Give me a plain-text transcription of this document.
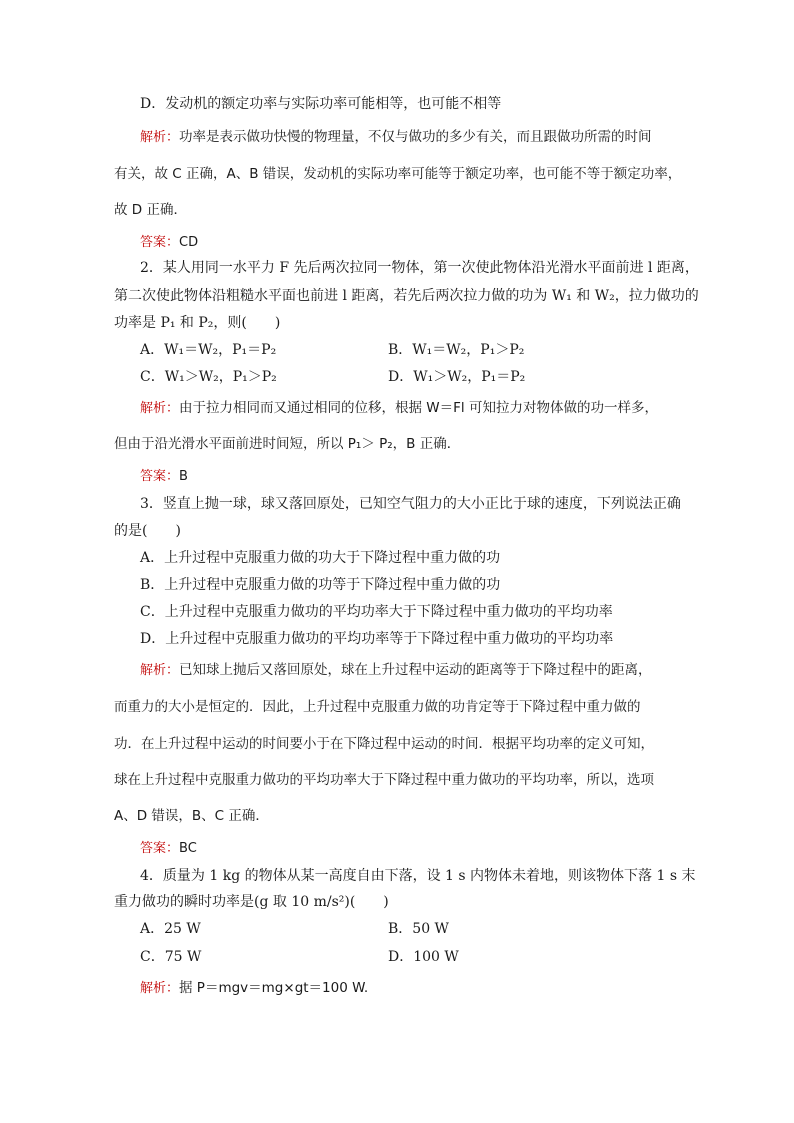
D．发动机的额定功率与实际功率可能相等，也可能不相等
解析：功率是表示做功快慢的物理量，不仅与做功的多少有关，而且跟做功所需的时间
有关，故 C 正确，A、B 错误，发动机的实际功率可能等于额定功率，也可能不等于额定功率，
故 D 正确．
答案：CD
2．某人用同一水平力 F 先后两次拉同一物体，第一次使此物体沿光滑水平面前进 l 距离，
第二次使此物体沿粗糙水平面也前进 l 距离，若先后两次拉力做的功为 W₁ 和 W₂，拉力做功的
功率是 P₁ 和 P₂，则(　　)
A．W₁＝W₂，P₁＝P₂	B．W₁＝W₂，P₁＞P₂
C．W₁＞W₂，P₁＞P₂	D．W₁＞W₂，P₁＝P₂
解析：由于拉力相同而又通过相同的位移，根据 W＝Fl 可知拉力对物体做的功一样多，
但由于沿光滑水平面前进时间短，所以 P₁＞ P₂，B 正确．
答案：B
3．竖直上抛一球，球又落回原处，已知空气阻力的大小正比于球的速度，下列说法正确
的是(　　)
A．上升过程中克服重力做的功大于下降过程中重力做的功
B．上升过程中克服重力做的功等于下降过程中重力做的功
C．上升过程中克服重力做功的平均功率大于下降过程中重力做功的平均功率
D．上升过程中克服重力做功的平均功率等于下降过程中重力做功的平均功率
解析：已知球上抛后又落回原处，球在上升过程中运动的距离等于下降过程中的距离，
而重力的大小是恒定的．因此，上升过程中克服重力做的功肯定等于下降过程中重力做的
功．在上升过程中运动的时间要小于在下降过程中运动的时间．根据平均功率的定义可知，
球在上升过程中克服重力做功的平均功率大于下降过程中重力做功的平均功率，所以，选项
A、D 错误，B、C 正确．
答案：BC
4．质量为 1 kg 的物体从某一高度自由下落，设 1 s 内物体未着地，则该物体下落 1 s 末
重力做功的瞬时功率是(g 取 10 m/s²)(　　)
A．25 W	B．50 W
C．75 W	D．100 W
解析：据 P＝mgv＝mg×gt＝100 W.
